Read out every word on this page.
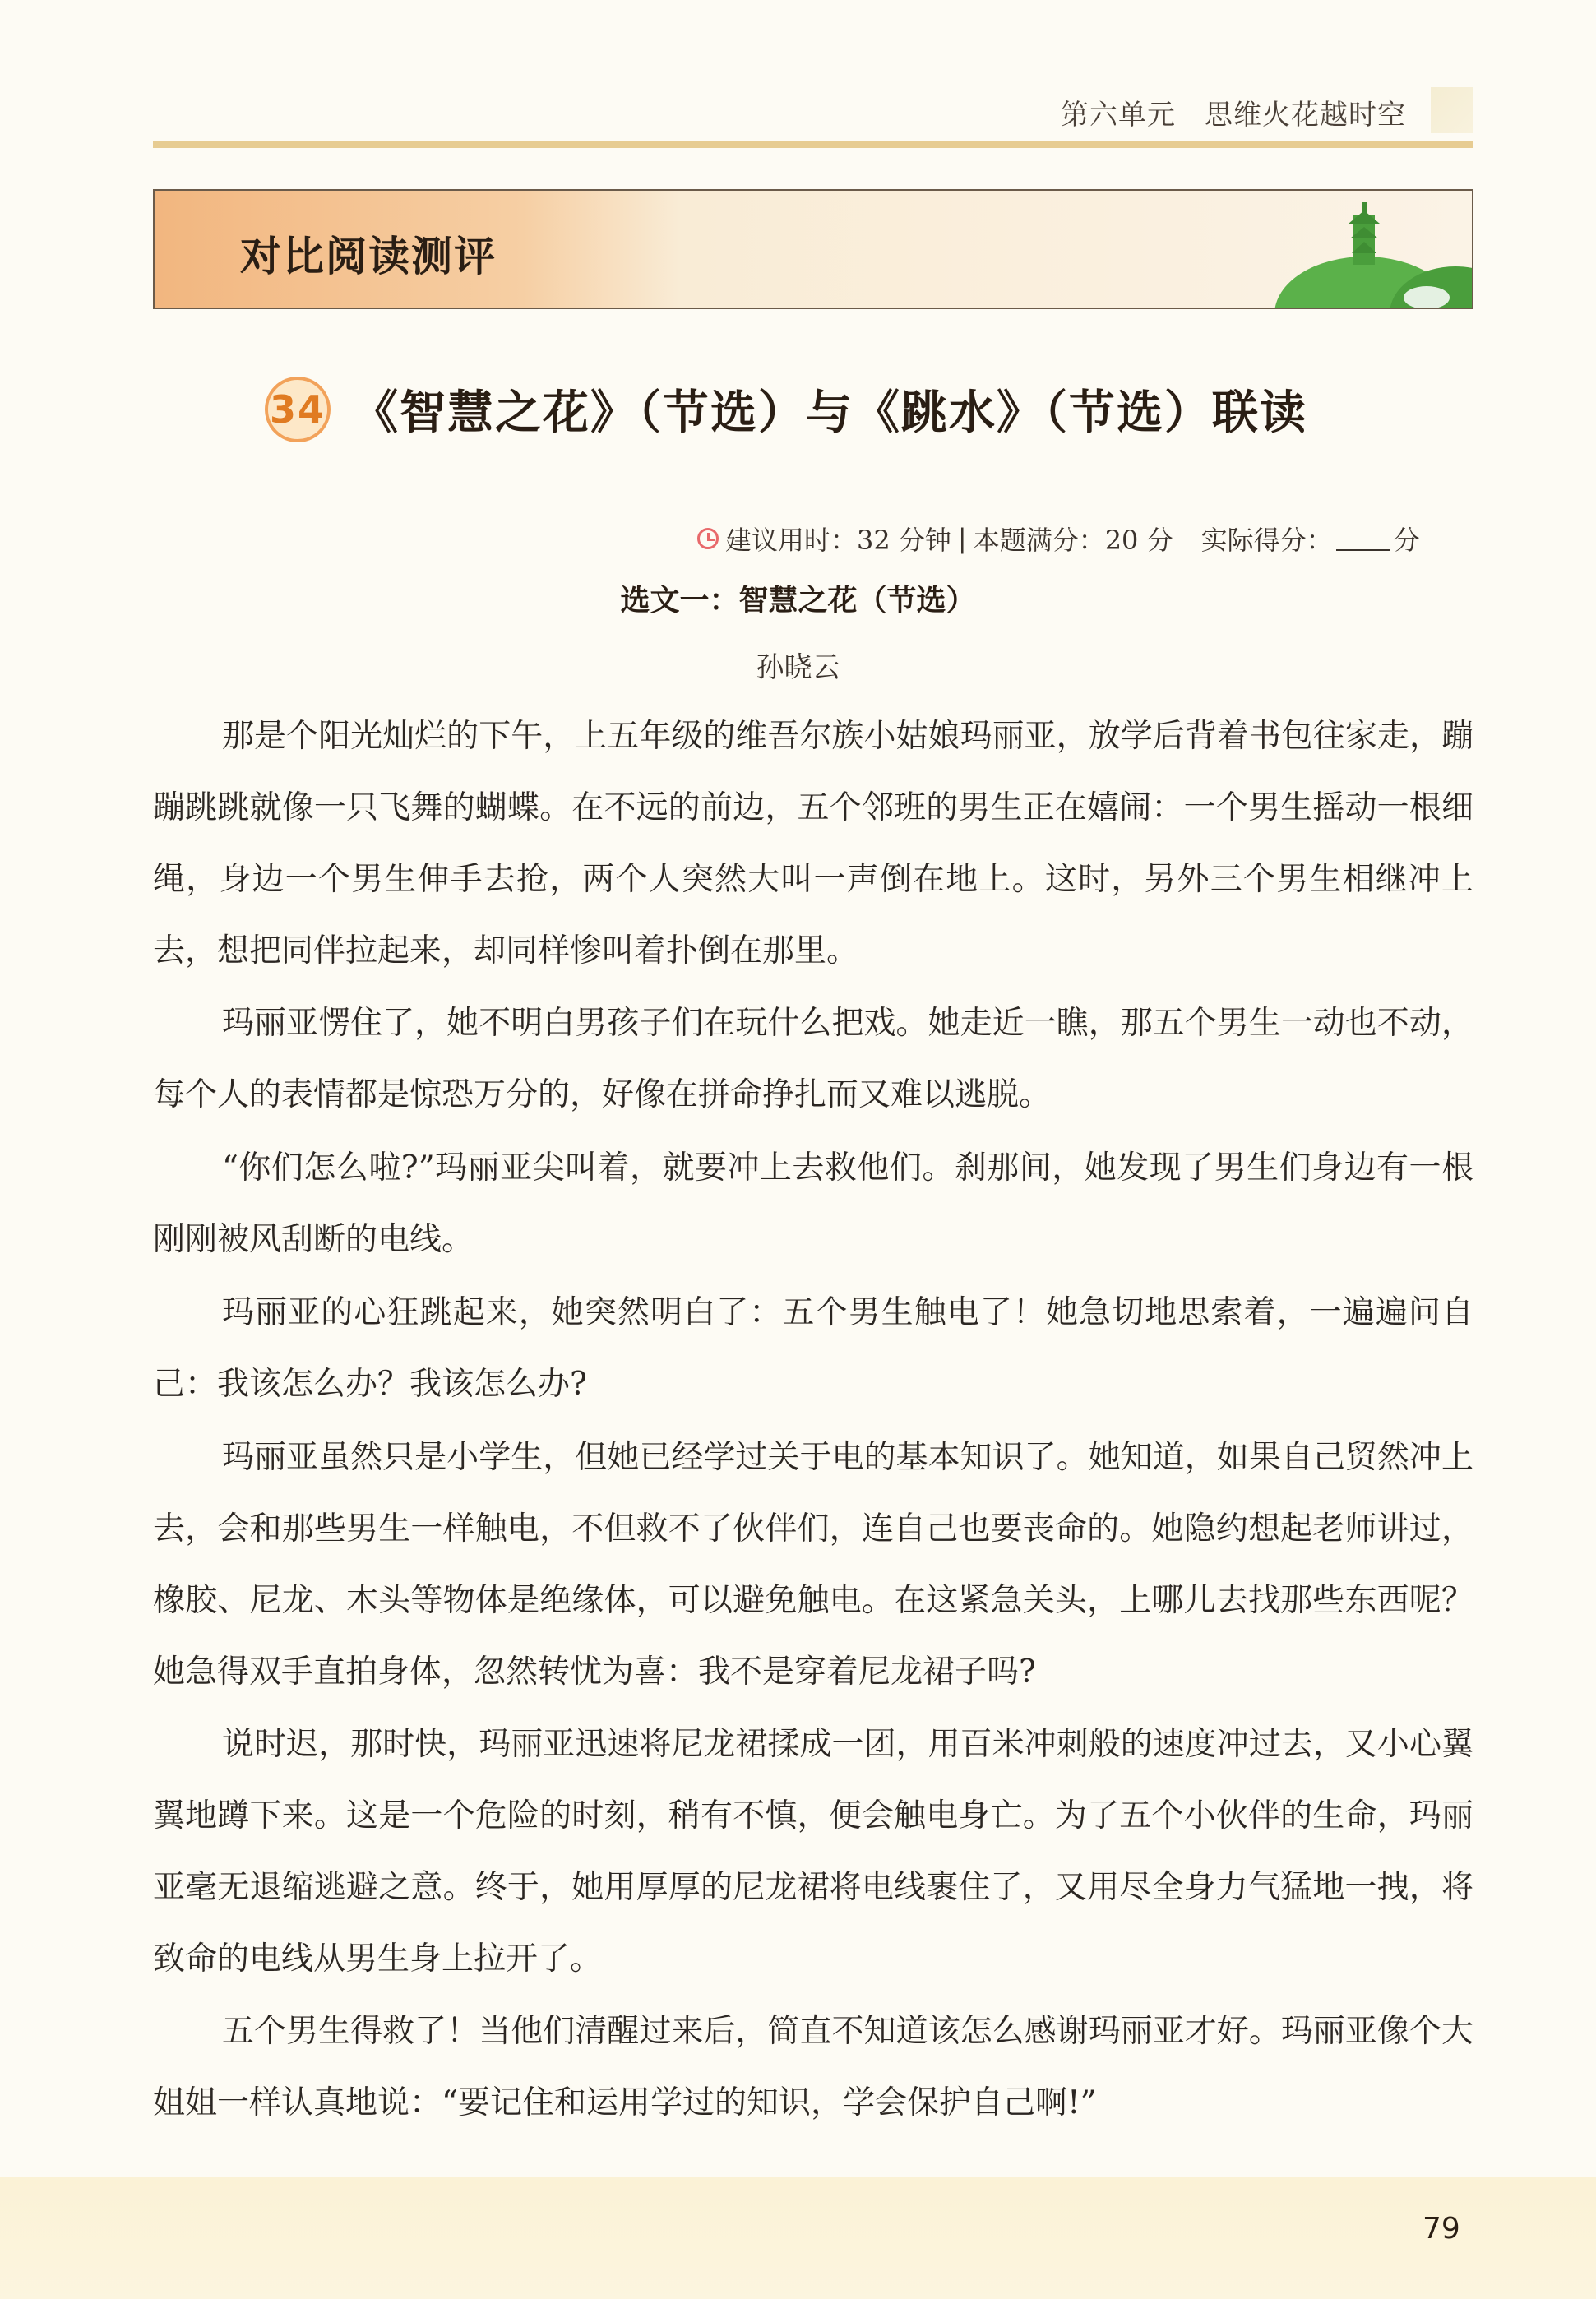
第六单元　思维火花越时空
对比阅读测评
34 《智慧之花》（节选）与《跳水》（节选）联读
建议用时：32 分钟 | 本题满分：20 分 实际得分： 分
选文一：智慧之花（节选）
孙晓云

那是个阳光灿烂的下午，上五年级的维吾尔族小姑娘玛丽亚，放学后背着书包往家走，蹦蹦跳跳就像一只飞舞的蝴蝶。在不远的前边，五个邻班的男生正在嬉闹：一个男生摇动一根细绳，身边一个男生伸手去抢，两个人突然大叫一声倒在地上。这时，另外三个男生相继冲上去，想把同伴拉起来，却同样惨叫着扑倒在那里。

玛丽亚愣住了，她不明白男孩子们在玩什么把戏。她走近一瞧，那五个男生一动也不动，每个人的表情都是惊恐万分的，好像在拼命挣扎而又难以逃脱。

“你们怎么啦?”玛丽亚尖叫着，就要冲上去救他们。刹那间，她发现了男生们身边有一根刚刚被风刮断的电线。

玛丽亚的心狂跳起来，她突然明白了：五个男生触电了！她急切地思索着，一遍遍问自己：我该怎么办？我该怎么办?

玛丽亚虽然只是小学生，但她已经学过关于电的基本知识了。她知道，如果自己贸然冲上去，会和那些男生一样触电，不但救不了伙伴们，连自己也要丧命的。她隐约想起老师讲过，橡胶、尼龙、木头等物体是绝缘体，可以避免触电。在这紧急关头，上哪儿去找那些东西呢？她急得双手直拍身体，忽然转忧为喜：我不是穿着尼龙裙子吗?

说时迟，那时快，玛丽亚迅速将尼龙裙揉成一团，用百米冲刺般的速度冲过去，又小心翼翼地蹲下来。这是一个危险的时刻，稍有不慎，便会触电身亡。为了五个小伙伴的生命，玛丽亚毫无退缩逃避之意。终于，她用厚厚的尼龙裙将电线裹住了，又用尽全身力气猛地一拽，将致命的电线从男生身上拉开了。

五个男生得救了！当他们清醒过来后，简直不知道该怎么感谢玛丽亚才好。玛丽亚像个大姐姐一样认真地说：“要记住和运用学过的知识，学会保护自己啊!”

79
